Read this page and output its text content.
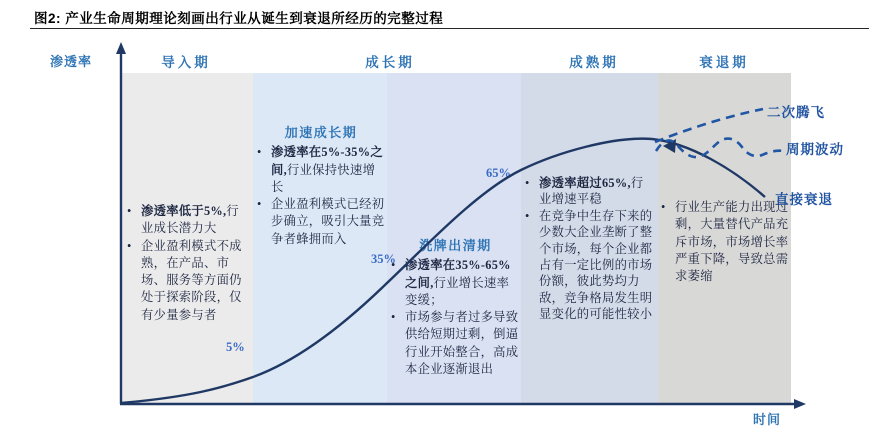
图2: 产业生命周期理论刻画出行业从诞生到衰退所经历的完整过程
渗透率
时间
导入期	成长期	成熟期	衰退期
• 渗透率低于5%,行业成长潜力大
• 企业盈利模式不成熟，在产品、市场、服务等方面仍处于探索阶段，仅有少量参与者
加速成长期
• 渗透率在5%-35%之间,行业保持快速增长
• 企业盈利模式已经初步确立，吸引大量竞争者蜂拥而入	洗牌出清期
• 渗透率在35%-65%之间,行业增长速率变缓；
• 市场参与者过多导致供给短期过剩，倒逼行业开始整合，高成本企业逐渐退出
• 渗透率超过65%,行业增速平稳
• 在竞争中生存下来的少数大企业垄断了整个市场，每个企业都占有一定比例的市场份额，彼此势均力敌，竞争格局发生明显变化的可能性较小
• 行业生产能力出现过剩，大量替代产品充斥市场，市场增长率严重下降，导致总需求萎缩
5%
35%
65%
二次腾飞
周期波动
直接衰退
